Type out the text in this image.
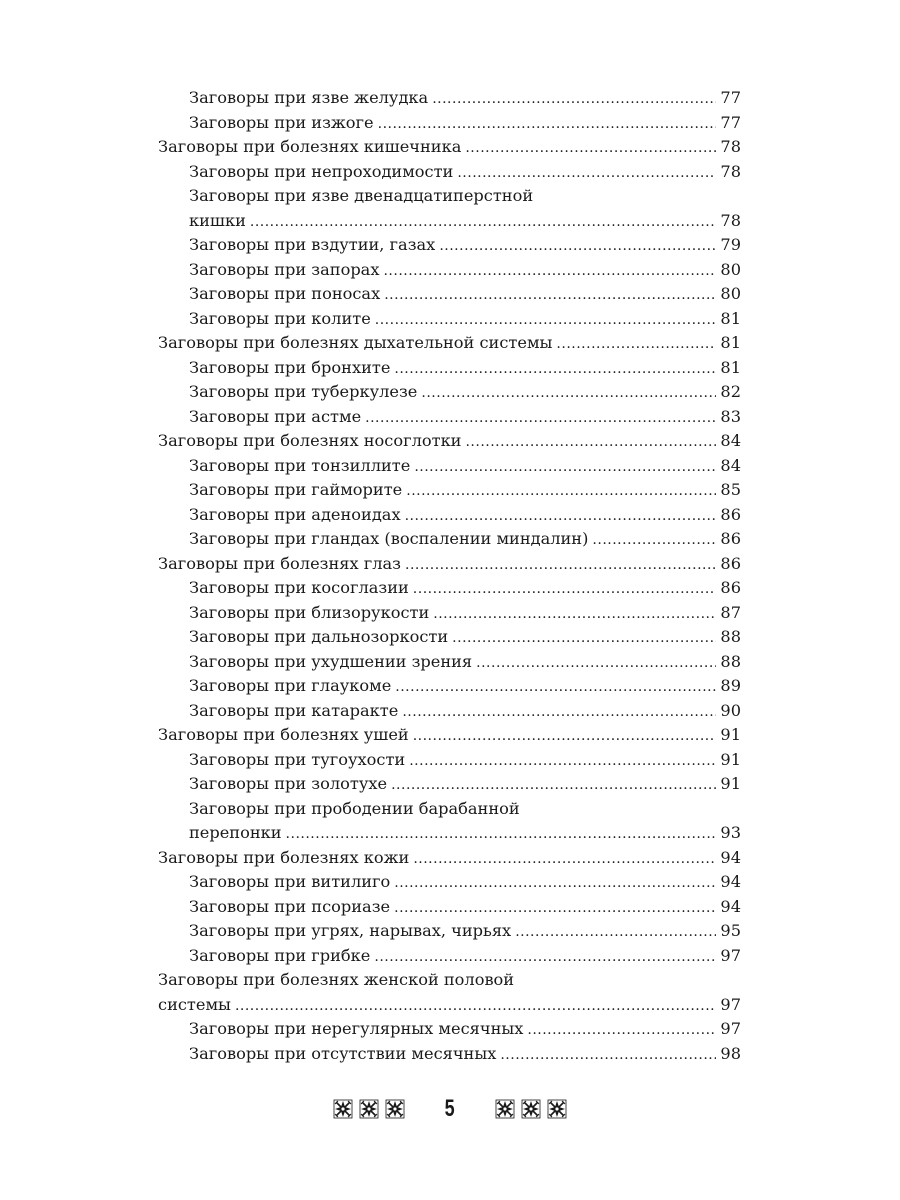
Заговоры при язве желудка .....	77
Заговоры при изжоге .....	77
Заговоры при болезнях кишечника .....	78
Заговоры при непроходимости .....	78
Заговоры при язве двенадцатиперстной
кишки .....	78
Заговоры при вздутии, газах .....	79
Заговоры при запорах .....	80
Заговоры при поносах .....	80
Заговоры при колите .....	81
Заговоры при болезнях дыхательной системы .....	81
Заговоры при бронхите .....	81
Заговоры при туберкулезе .....	82
Заговоры при астме .....	83
Заговоры при болезнях носоглотки .....	84
Заговоры при тонзиллите .....	84
Заговоры при гайморите .....	85
Заговоры при аденоидах .....	86
Заговоры при гландах (воспалении миндалин) .....	86
Заговоры при болезнях глаз .....	86
Заговоры при косоглазии .....	86
Заговоры при близорукости .....	87
Заговоры при дальнозоркости .....	88
Заговоры при ухудшении зрения .....	88
Заговоры при глаукоме .....	89
Заговоры при катаракте .....	90
Заговоры при болезнях ушей .....	91
Заговоры при тугоухости .....	91
Заговоры при золотухе .....	91
Заговоры при прободении барабанной
перепонки .....	93
Заговоры при болезнях кожи .....	94
Заговоры при витилиго .....	94
Заговоры при псориазе .....	94
Заговоры при угрях, нарывах, чирьях .....	95
Заговоры при грибке .....	97
Заговоры при болезнях женской половой
системы .....	97
Заговоры при нерегулярных месячных .....	97
Заговоры при отсутствии месячных .....	98
5
